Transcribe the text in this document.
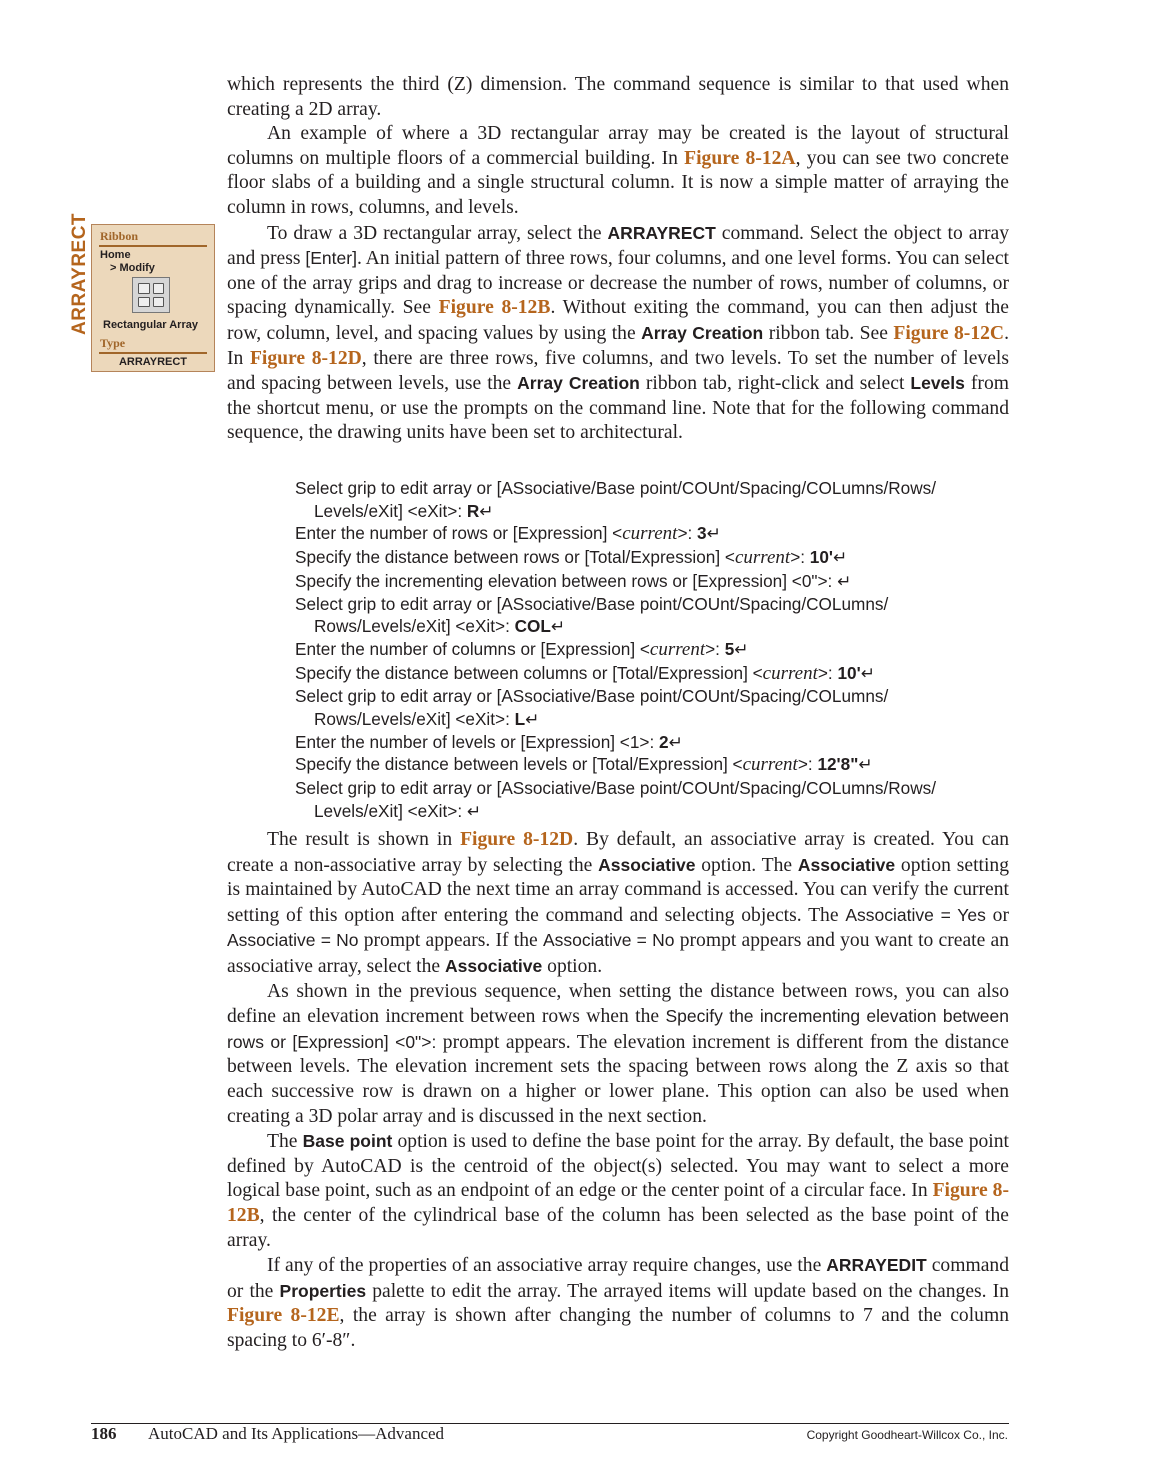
ARRAYRECT Ribbon
Home
> Modify
Rectangular Array
Type
ARRAYRECT

which represents the third (Z) dimension. The command sequence is similar to that used when creating a 2D array.

An example of where a 3D rectangular array may be created is the layout of structural columns on multiple floors of a commercial building. In Figure 8-12A, you can see two concrete floor slabs of a building and a single structural column. It is now a simple matter of arraying the column in rows, columns, and levels.

To draw a 3D rectangular array, select the ARRAYRECT command. Select the object to array and press [Enter]. An initial pattern of three rows, four columns, and one level forms. You can select one of the array grips and drag to increase or decrease the number of rows, number of columns, or spacing dynamically. See Figure 8-12B. Without exiting the command, you can then adjust the row, column, level, and spacing values by using the Array Creation ribbon tab. See Figure 8-12C. In Figure 8-12D, there are three rows, five columns, and two levels. To set the number of levels and spacing between levels, use the Array Creation ribbon tab, right-click and select Levels from the shortcut menu, or use the prompts on the command line. Note that for the following command sequence, the drawing units have been set to architectural.

Select grip to edit array or [ASsociative/Base point/COUnt/Spacing/COLumns/Rows/
Levels/eXit] <eXit>: R↵
Enter the number of rows or [Expression] <current>: 3↵
Specify the distance between rows or [Total/Expression] <current>: 10'↵
Specify the incrementing elevation between rows or [Expression] <0">: ↵
Select grip to edit array or [ASsociative/Base point/COUnt/Spacing/COLumns/
Rows/Levels/eXit] <eXit>: COL↵
Enter the number of columns or [Expression] <current>: 5↵
Specify the distance between columns or [Total/Expression] <current>: 10'↵
Select grip to edit array or [ASsociative/Base point/COUnt/Spacing/COLumns/
Rows/Levels/eXit] <eXit>: L↵
Enter the number of levels or [Expression] <1>: 2↵
Specify the distance between levels or [Total/Expression] <current>: 12'8"↵
Select grip to edit array or [ASsociative/Base point/COUnt/Spacing/COLumns/Rows/
Levels/eXit] <eXit>: ↵

The result is shown in Figure 8-12D. By default, an associative array is created. You can create a non-associative array by selecting the Associative option. The Associative option setting is maintained by AutoCAD the next time an array command is accessed. You can verify the current setting of this option after entering the command and selecting objects. The Associative = Yes or Associative = No prompt appears. If the Associative = No prompt appears and you want to create an associative array, select the Associative option.

As shown in the previous sequence, when setting the distance between rows, you can also define an elevation increment between rows when the Specify the incrementing elevation between rows or [Expression] <0">: prompt appears. The elevation increment is different from the distance between levels. The elevation increment sets the spacing between rows along the Z axis so that each successive row is drawn on a higher or lower plane. This option can also be used when creating a 3D polar array and is discussed in the next section.

The Base point option is used to define the base point for the array. By default, the base point defined by AutoCAD is the centroid of the object(s) selected. You may want to select a more logical base point, such as an endpoint of an edge or the center point of a circular face. In Figure 8-12B, the center of the cylindrical base of the column has been selected as the base point of the array.

If any of the properties of an associative array require changes, use the ARRAYEDIT command or the Properties palette to edit the array. The arrayed items will update based on the changes. In Figure 8-12E, the array is shown after changing the number of columns to 7 and the column spacing to 6′-8″.

186 AutoCAD and Its Applications—Advanced	Copyright Goodheart-Willcox Co., Inc.
